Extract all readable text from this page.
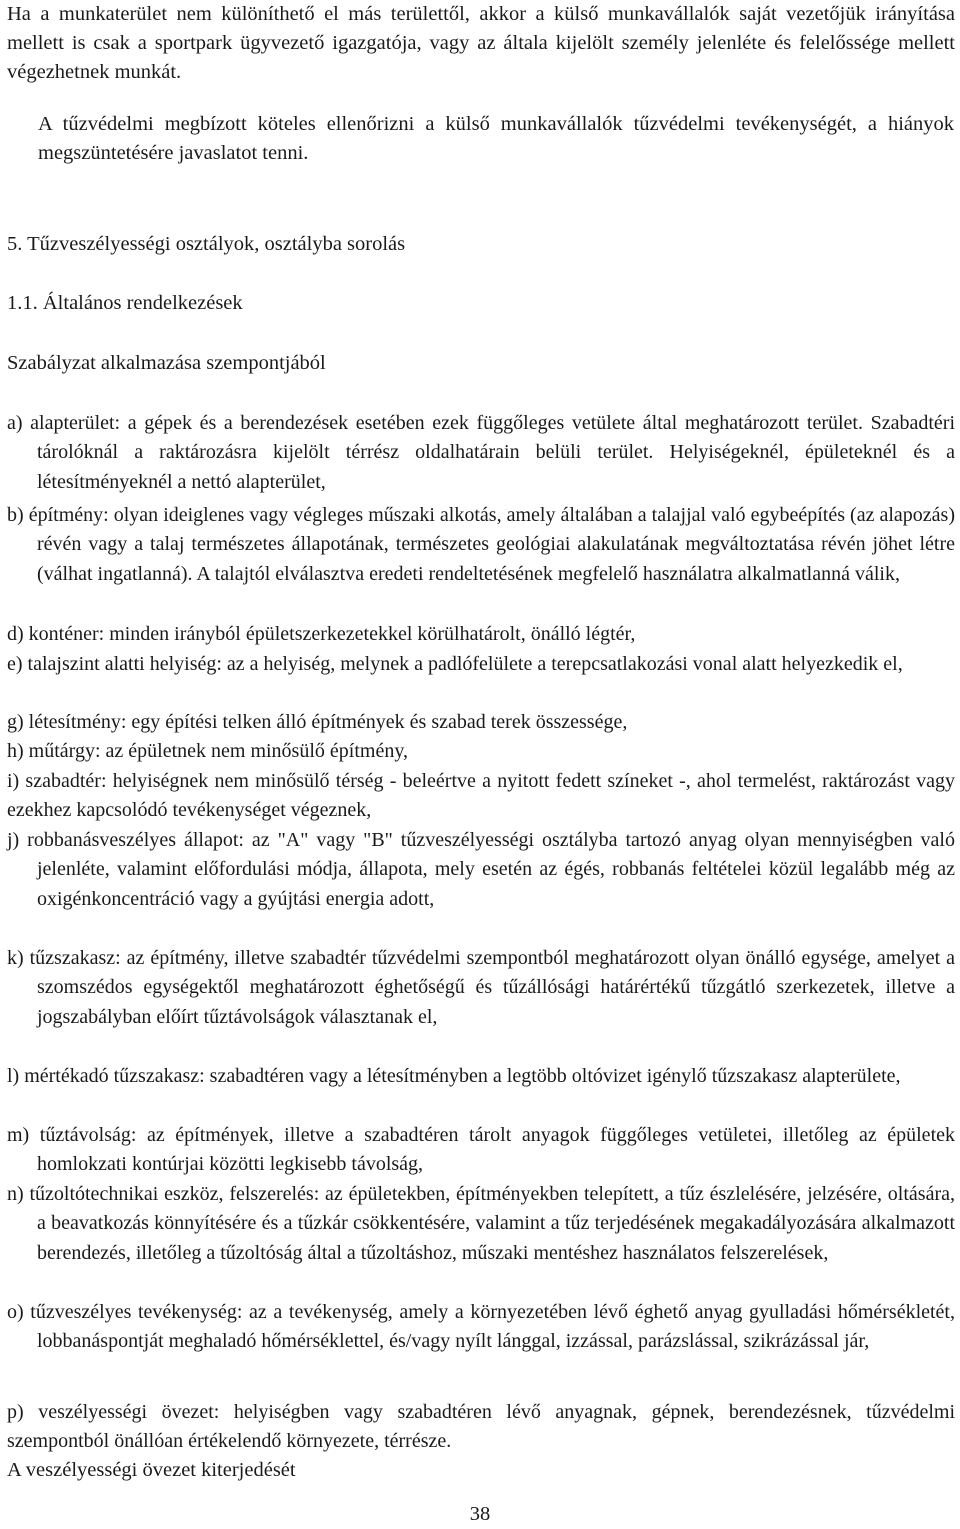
Ha a munkaterület nem különíthető el más területtől, akkor a külső munkavállalók saját vezetőjük irányítása mellett is csak a sportpark ügyvezető igazgatója, vagy az általa kijelölt személy jelenléte és felelőssége mellett végezhetnek munkát.
A tűzvédelmi megbízott köteles ellenőrizni a külső munkavállalók tűzvédelmi tevékenységét, a hiányok megszüntetésére javaslatot tenni.
5. Tűzveszélyességi osztályok, osztályba sorolás
1.1. Általános rendelkezések
Szabályzat alkalmazása szempontjából
a) alapterület: a gépek és a berendezések esetében ezek függőleges vetülete által meghatározott terület. Szabadtéri tárolóknál a raktározásra kijelölt térrész oldalhatárain belüli terület. Helyiségeknél, épületeknél és a létesítményeknél a nettó alapterület,
b) építmény: olyan ideiglenes vagy végleges műszaki alkotás, amely általában a talajjal való egybeépítés (az alapozás) révén vagy a talaj természetes állapotának, természetes geológiai alakulatának megváltoztatása révén jöhet létre (válhat ingatlanná). A talajtól elválasztva eredeti rendeltetésének megfelelő használatra alkalmatlanná válik,
d) konténer: minden irányból épületszerkezetekkel körülhatárolt, önálló légtér,
e) talajszint alatti helyiség: az a helyiség, melynek a padlófelülete a terepcsatlakozási vonal alatt helyezkedik el,
g) létesítmény: egy építési telken álló építmények és szabad terek összessége,
h) műtárgy: az épületnek nem minősülő építmény,
i) szabadtér: helyiségnek nem minősülő térség - beleértve a nyitott fedett színeket -, ahol termelést, raktározást vagy ezekhez kapcsolódó tevékenységet végeznek,
j) robbanásveszélyes állapot: az "A" vagy "B" tűzveszélyességi osztályba tartozó anyag olyan mennyiségben való jelenléte, valamint előfordulási módja, állapota, mely esetén az égés, robbanás feltételei közül legalább még az oxigénkoncentráció vagy a gyújtási energia adott,
k) tűzszakasz: az építmény, illetve szabadtér tűzvédelmi szempontból meghatározott olyan önálló egysége, amelyet a szomszédos egységektől meghatározott éghetőségű és tűzállósági határértékű tűzgátló szerkezetek, illetve a jogszabályban előírt tűztávolságok választanak el,
l) mértékadó tűzszakasz: szabadtéren vagy a létesítményben a legtöbb oltóvizet igénylő tűzszakasz alapterülete,
m) tűztávolság: az építmények, illetve a szabadtéren tárolt anyagok függőleges vetületei, illetőleg az épületek homlokzati kontúrjai közötti legkisebb távolság,
n) tűzoltótechnikai eszköz, felszerelés: az épületekben, építményekben telepített, a tűz észlelésére, jelzésére, oltására, a beavatkozás könnyítésére és a tűzkár csökkentésére, valamint a tűz terjedésének megakadályozására alkalmazott berendezés, illetőleg a tűzoltóság által a tűzoltáshoz, műszaki mentéshez használatos felszerelések,
o) tűzveszélyes tevékenység: az a tevékenység, amely a környezetében lévő éghető anyag gyulladási hőmérsékletét, lobbanáspontját meghaladó hőmérséklettel, és/vagy nyílt lánggal, izzással, parázslással, szikrázással jár,
p) veszélyességi övezet: helyiségben vagy szabadtéren lévő anyagnak, gépnek, berendezésnek, tűzvédelmi szempontból önállóan értékelendő környezete, térrésze.
A veszélyességi övezet kiterjedését
38
